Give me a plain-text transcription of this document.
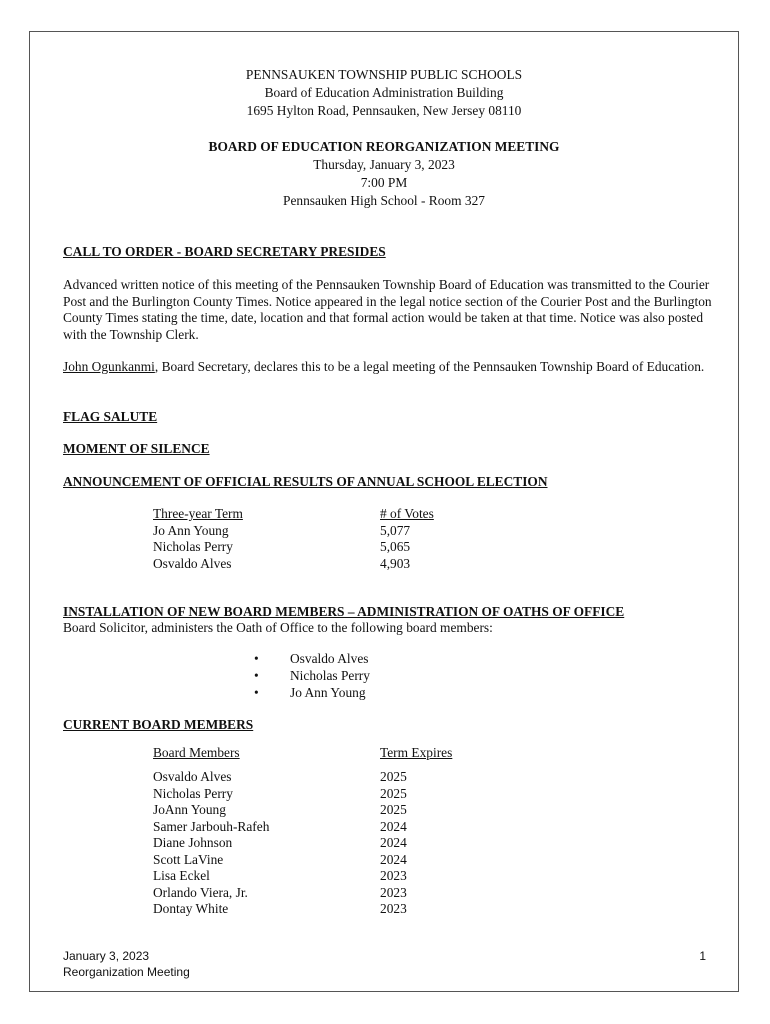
PENNSAUKEN TOWNSHIP PUBLIC SCHOOLS
Board of Education Administration Building
1695 Hylton Road, Pennsauken, New Jersey 08110
BOARD OF EDUCATION REORGANIZATION MEETING
Thursday, January 3, 2023
7:00 PM
Pennsauken High School - Room 327
CALL TO ORDER - BOARD SECRETARY PRESIDES
Advanced written notice of this meeting of the Pennsauken Township Board of Education was transmitted to the Courier Post and the Burlington County Times. Notice appeared in the legal notice section of the Courier Post and the Burlington County Times stating the time, date, location and that formal action would be taken at that time. Notice was also posted with the Township Clerk.
John Ogunkanmi, Board Secretary, declares this to be a legal meeting of the Pennsauken Township Board of Education.
FLAG SALUTE
MOMENT OF SILENCE
ANNOUNCEMENT OF OFFICIAL RESULTS OF ANNUAL SCHOOL ELECTION
Three-year Term
Jo Ann Young
Nicholas Perry
Osvaldo Alves
# of Votes
5,077
5,065
4,903
INSTALLATION OF NEW BOARD MEMBERS – ADMINISTRATION OF OATHS OF OFFICE
Board Solicitor, administers the Oath of Office to the following board members:
• Osvaldo Alves
• Nicholas Perry
• Jo Ann Young
CURRENT BOARD MEMBERS
Board Members	Term Expires
Osvaldo Alves
Nicholas Perry
JoAnn Young
Samer Jarbouh-Rafeh
Diane Johnson
Scott LaVine
Lisa Eckel
Orlando Viera, Jr.
Dontay White
2025
2025
2025
2024
2024
2024
2023
2023
2023
January 3, 2023
Reorganization Meeting
1
